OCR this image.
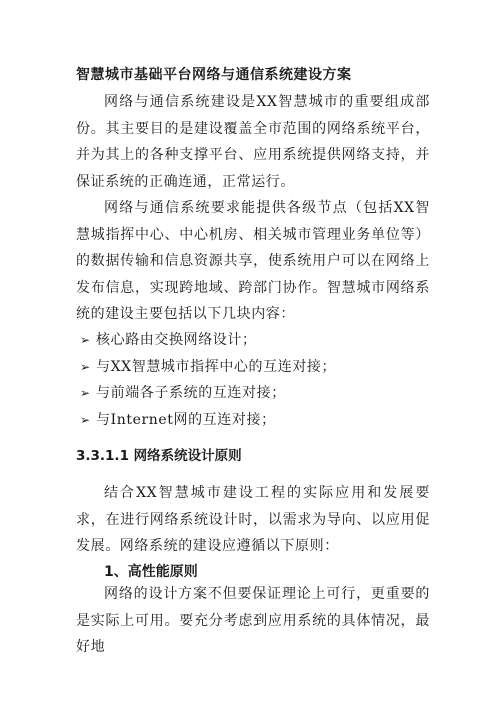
智慧城市基础平台网络与通信系统建设方案
网络与通信系统建设是XX智慧城市的重要组成部份。其主要目的是建设覆盖全市范围的网络系统平台，并为其上的各种支撑平台、应用系统提供网络支持，并保证系统的正确连通，正常运行。
网络与通信系统要求能提供各级节点（包括XX智慧城指挥中心、中心机房、相关城市管理业务单位等）的数据传输和信息资源共享，使系统用户可以在网络上发布信息，实现跨地域、跨部门协作。智慧城市网络系统的建设主要包括以下几块内容：
➢ 核心路由交换网络设计；
➢ 与XX智慧城市指挥中心的互连对接；
➢ 与前端各子系统的互连对接；
➢ 与Internet网的互连对接；
3.3.1.1 网络系统设计原则
结合XX智慧城市建设工程的实际应用和发展要求，在进行网络系统设计时，以需求为导向、以应用促发展。网络系统的建设应遵循以下原则：
1、高性能原则
网络的设计方案不但要保证理论上可行，更重要的是实际上可用。要充分考虑到应用系统的具体情况，最好地
